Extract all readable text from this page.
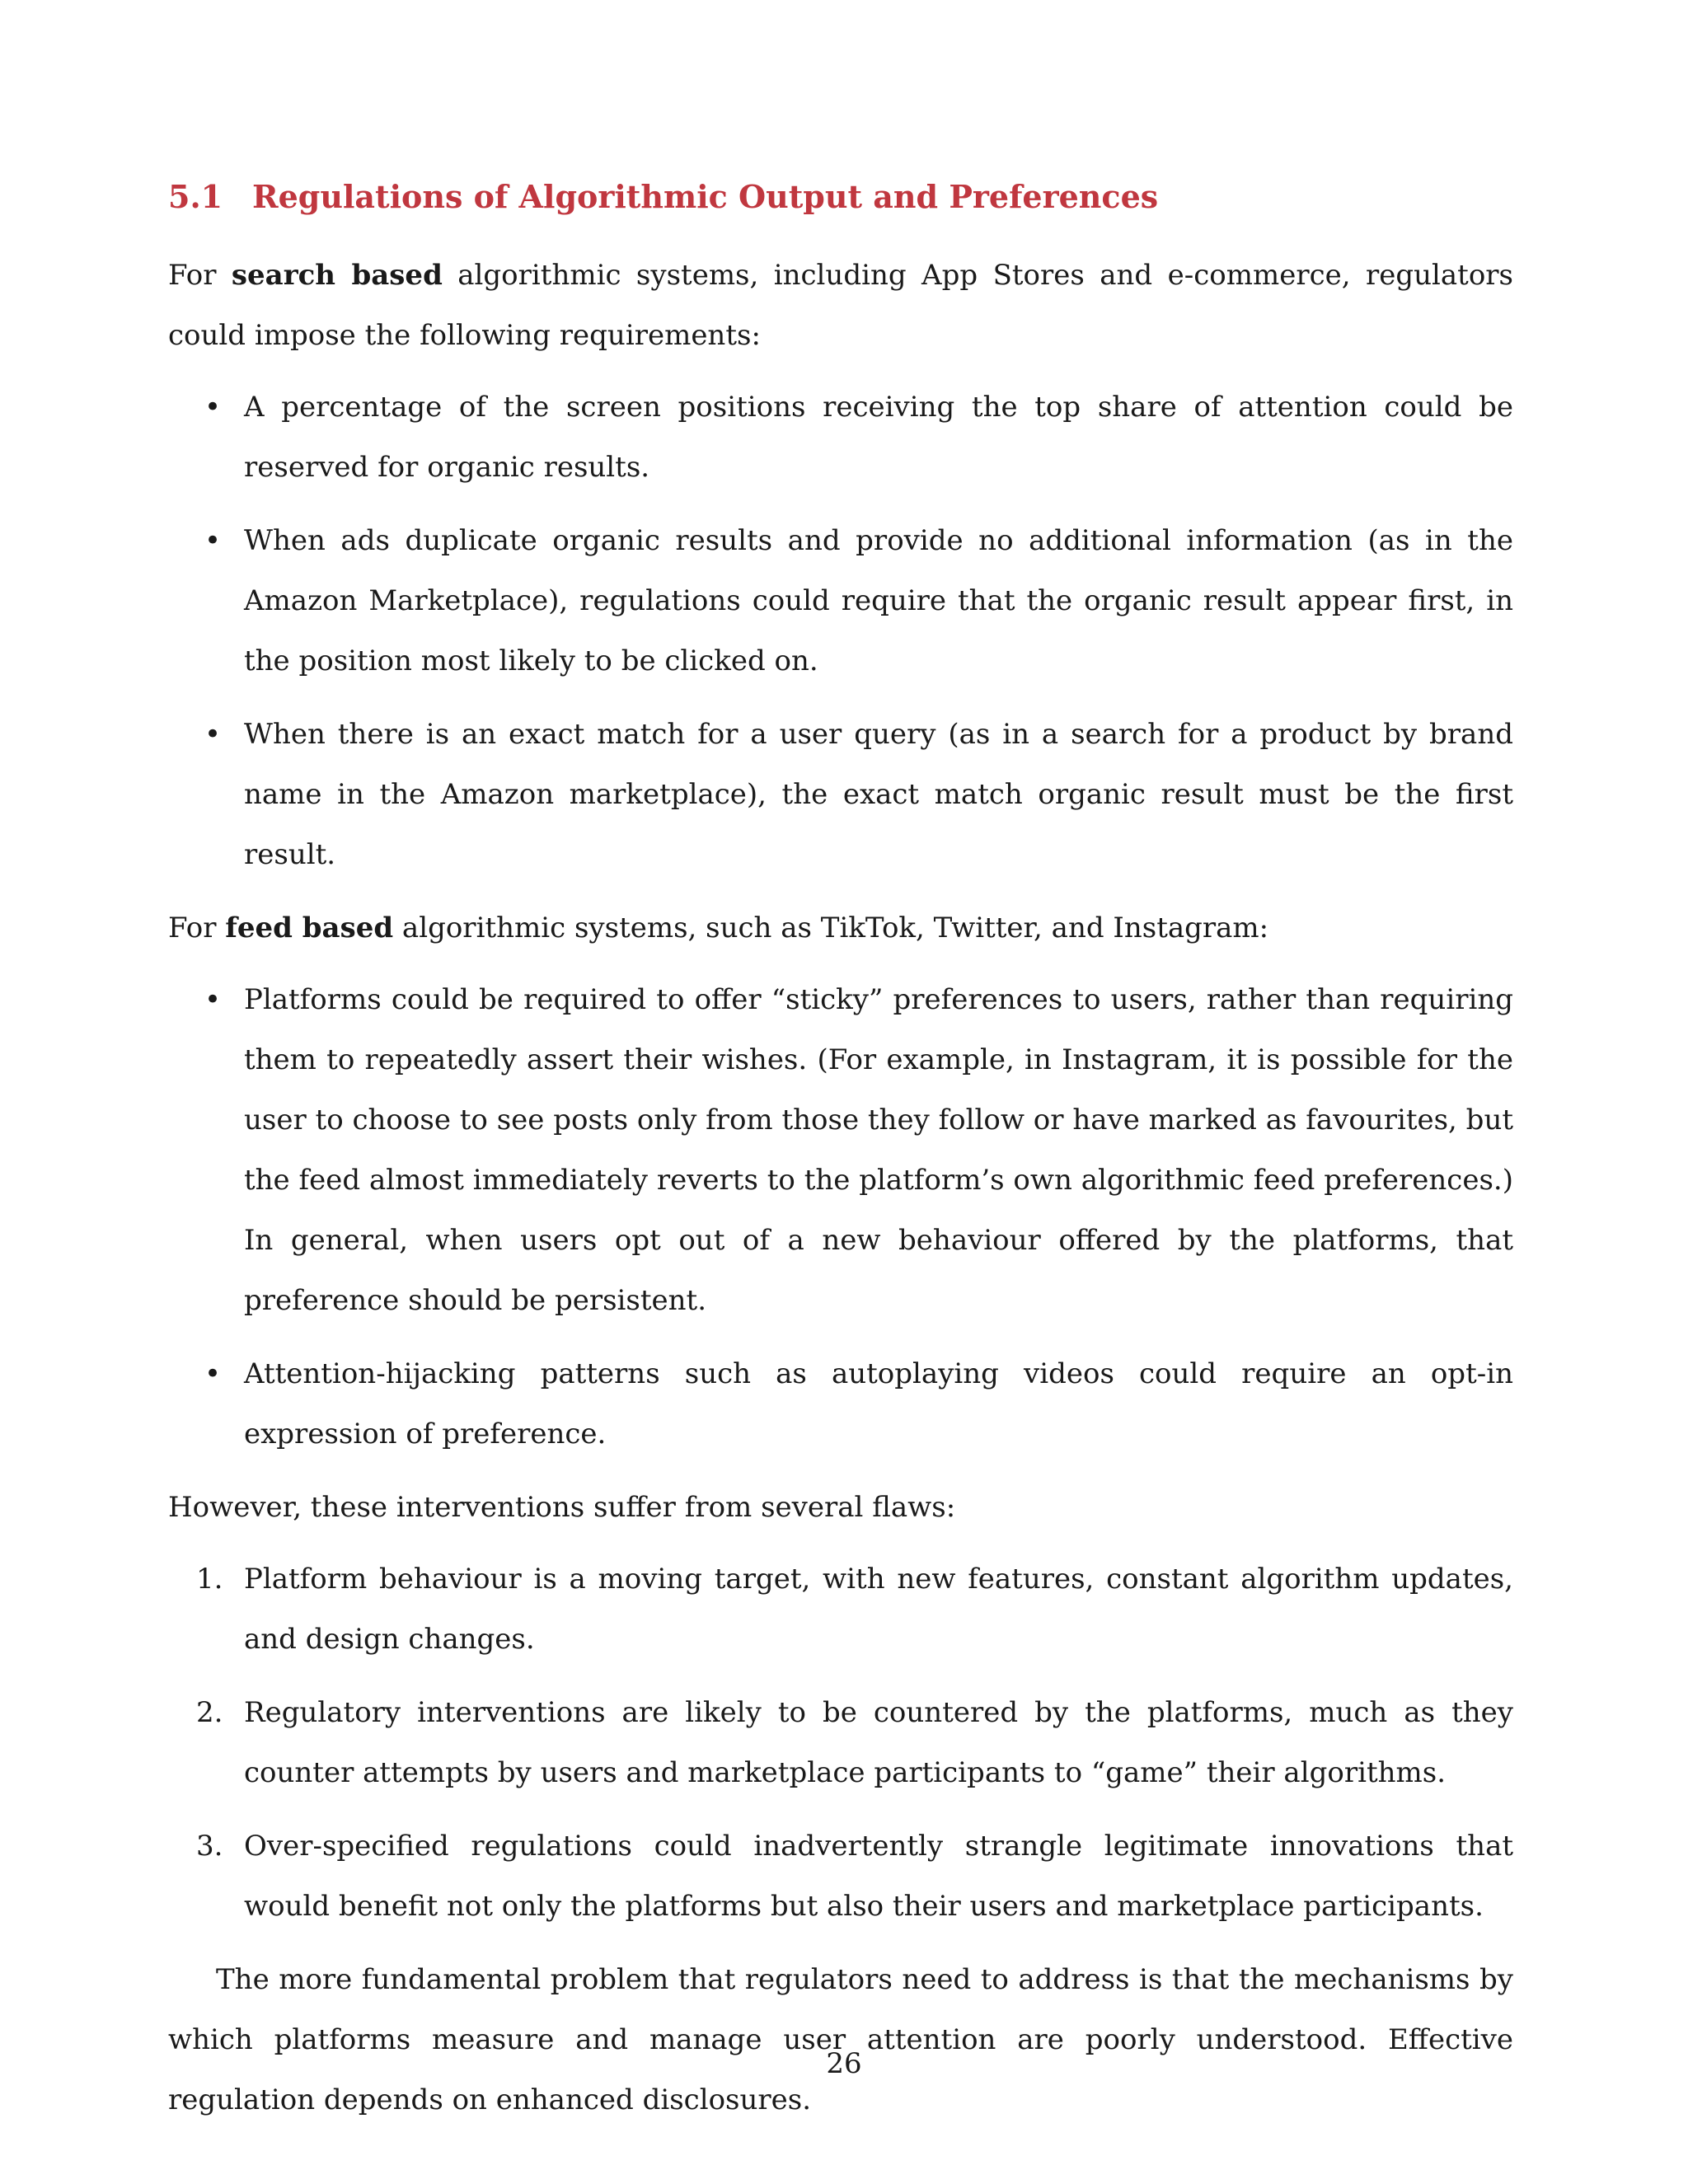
5.1 Regulations of Algorithmic Output and Preferences

For search based algorithmic systems, including App Stores and e-commerce, regulators could impose the following requirements:

• A percentage of the screen positions receiving the top share of attention could be reserved for organic results.
• When ads duplicate organic results and provide no additional information (as in the Amazon Marketplace), regulations could require that the organic result appear first, in the position most likely to be clicked on.
• When there is an exact match for a user query (as in a search for a product by brand name in the Amazon marketplace), the exact match organic result must be the first result.

For feed based algorithmic systems, such as TikTok, Twitter, and Instagram:

• Platforms could be required to offer “sticky” preferences to users, rather than requiring them to repeatedly assert their wishes. (For example, in Instagram, it is possible for the user to choose to see posts only from those they follow or have marked as favourites, but the feed almost immediately reverts to the platform’s own algorithmic feed preferences.) In general, when users opt out of a new behaviour offered by the platforms, that preference should be persistent.
• Attention-hijacking patterns such as autoplaying videos could require an opt-in expression of preference.

However, these interventions suffer from several flaws:

1. Platform behaviour is a moving target, with new features, constant algorithm updates, and design changes.
2. Regulatory interventions are likely to be countered by the platforms, much as they counter attempts by users and marketplace participants to “game” their algorithms.
3. Over-specified regulations could inadvertently strangle legitimate innovations that would benefit not only the platforms but also their users and marketplace participants.

The more fundamental problem that regulators need to address is that the mechanisms by which platforms measure and manage user attention are poorly understood. Effective regulation depends on enhanced disclosures.

26
